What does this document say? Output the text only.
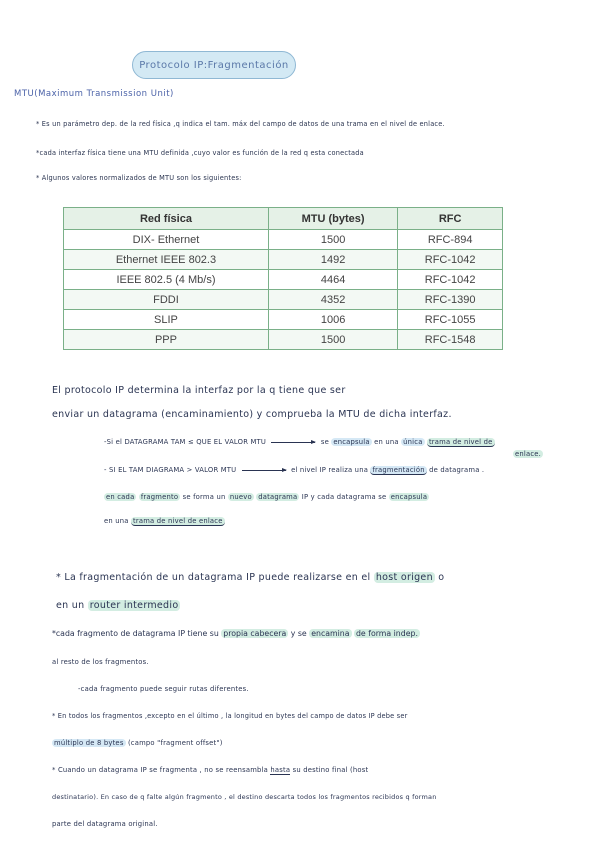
Protocolo IP:Fragmentación
MTU(Maximum Transmission Unit)
* Es un parámetro dep. de la red física ,q indica el tam. máx del campo de datos de una trama en el nivel de enlace.
*cada interfaz física tiene una MTU definida ,cuyo valor es función de la red q esta conectada
* Algunos valores normalizados de MTU son los siguientes:
Red física	MTU (bytes)	RFC
DIX- Ethernet	1500	RFC-894
Ethernet IEEE 802.3	1492	RFC-1042
IEEE 802.5 (4 Mb/s)	4464	RFC-1042
FDDI	4352	RFC-1390
SLIP	1006	RFC-1055
PPP	1500	RFC-1548
El protocolo IP determina la interfaz por la q tiene que ser
enviar un datagrama (encaminamiento) y comprueba la MTU de dicha interfaz.
-Si el DATAGRAMA TAM ≤ QUE EL VALOR MTU	se encapsula en una única trama de nivel de
enlace.
- SI EL TAM DIAGRAMA > VALOR MTU	el nivel IP realiza una fragmentación de datagrama .
en cada fragmento se forma un nuevo datagrama IP y cada datagrama se encapsula
en una trama de nivel de enlace
* La fragmentación de un datagrama IP puede realizarse en el host origen o
en un router intermedio
*cada fragmento de datagrama IP tiene su propia cabecera y se encamina de forma indep.
al resto de los fragmentos.
-cada fragmento puede seguir rutas diferentes.
* En todos los fragmentos ,excepto en el último , la longitud en bytes del campo de datos IP debe ser
múltiplo de 8 bytes (campo "fragment offset")
* Cuando un datagrama IP se fragmenta , no se reensambla hasta su destino final (host
destinatario). En caso de q falte algún fragmento , el destino descarta todos los fragmentos recibidos q forman
parte del datagrama original.
